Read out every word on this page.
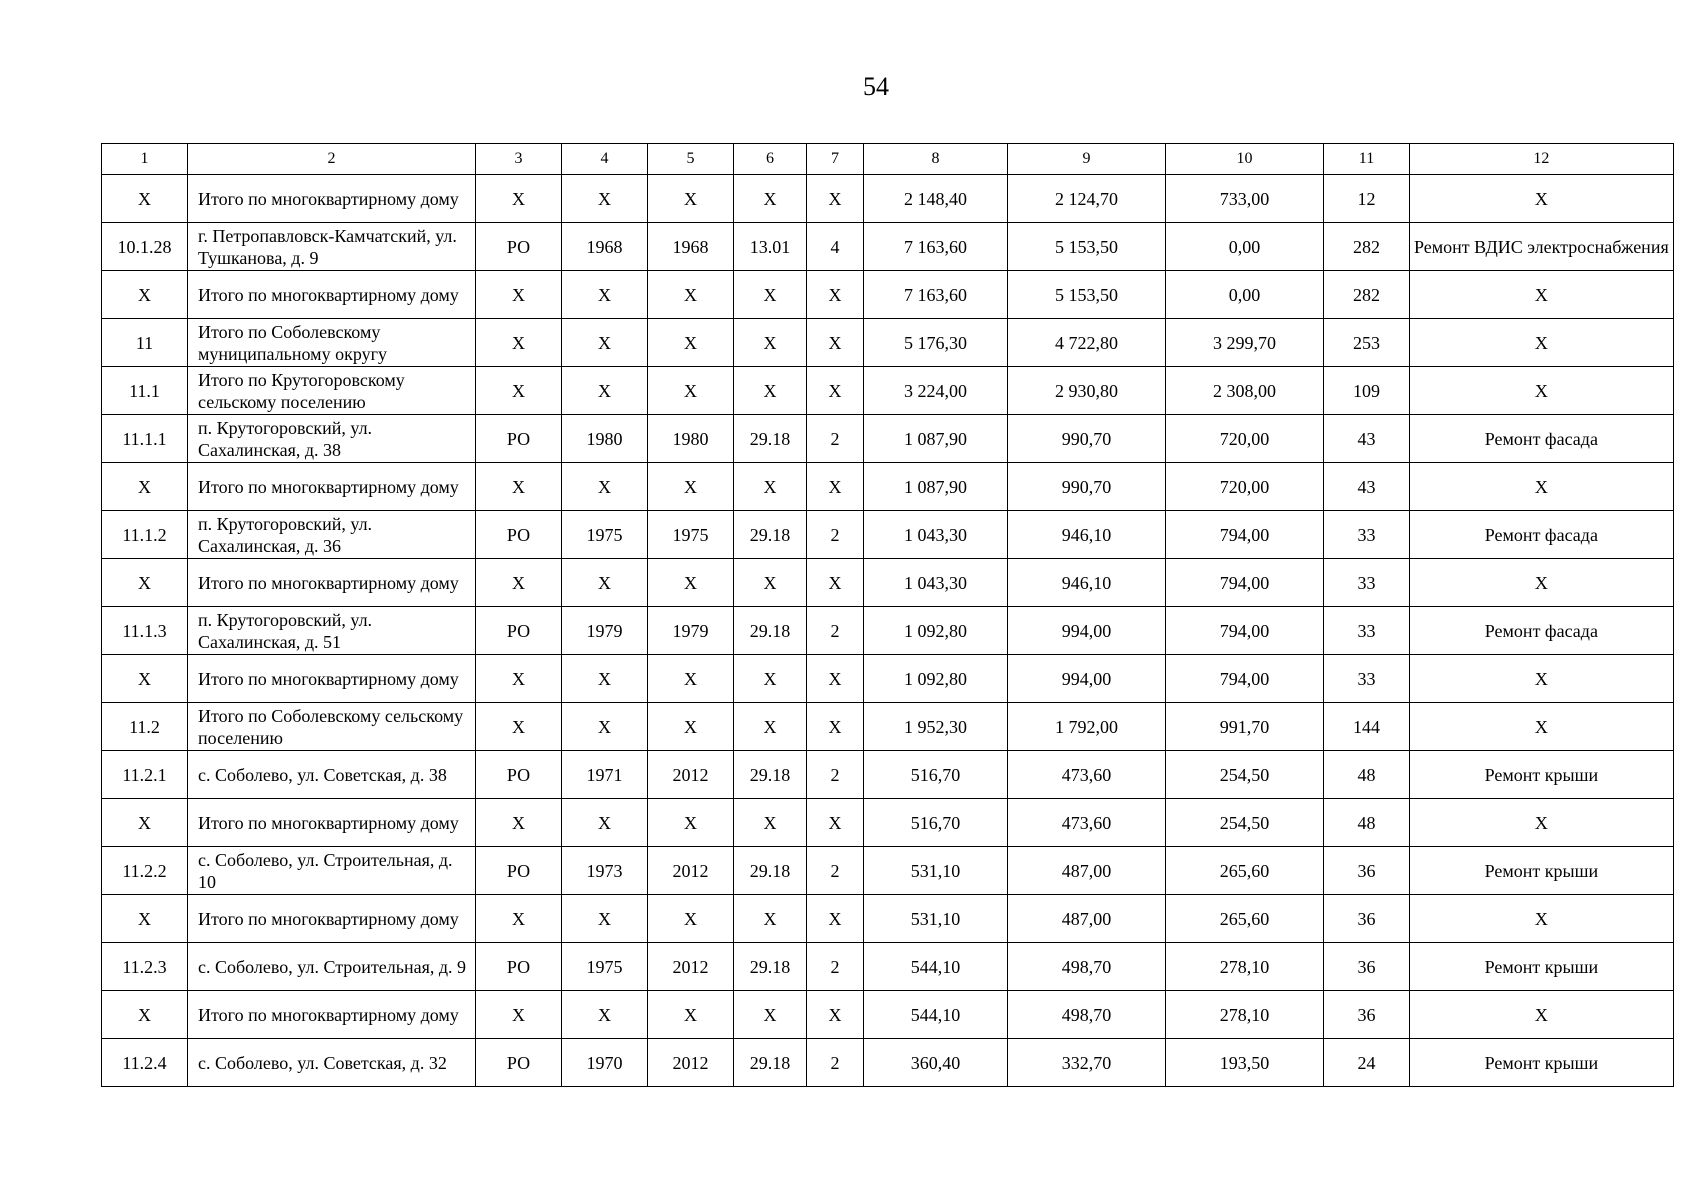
54
1	2	3	4	5	6	7	8	9	10	11	12
X	Итого по многоквартирному дому	X	X	X	X	X	2 148,40	2 124,70	733,00	12	X
10.1.28	г. Петропавловск-Камчатский, ул. Тушканова, д. 9	РО	1968	1968	13.01	4	7 163,60	5 153,50	0,00	282	Ремонт ВДИС электроснабжения
X	Итого по многоквартирному дому	X	X	X	X	X	7 163,60	5 153,50	0,00	282	X
11	Итого по Соболевскому муниципальному округу	X	X	X	X	X	5 176,30	4 722,80	3 299,70	253	X
11.1	Итого по Крутогоровскому сельскому поселению	X	X	X	X	X	3 224,00	2 930,80	2 308,00	109	X
11.1.1	п. Крутогоровский, ул. Сахалинская, д. 38	РО	1980	1980	29.18	2	1 087,90	990,70	720,00	43	Ремонт фасада
X	Итого по многоквартирному дому	X	X	X	X	X	1 087,90	990,70	720,00	43	X
11.1.2	п. Крутогоровский, ул. Сахалинская, д. 36	РО	1975	1975	29.18	2	1 043,30	946,10	794,00	33	Ремонт фасада
X	Итого по многоквартирному дому	X	X	X	X	X	1 043,30	946,10	794,00	33	X
11.1.3	п. Крутогоровский, ул. Сахалинская, д. 51	РО	1979	1979	29.18	2	1 092,80	994,00	794,00	33	Ремонт фасада
X	Итого по многоквартирному дому	X	X	X	X	X	1 092,80	994,00	794,00	33	X
11.2	Итого по Соболевскому сельскому поселению	X	X	X	X	X	1 952,30	1 792,00	991,70	144	X
11.2.1	с. Соболево, ул. Советская, д. 38	РО	1971	2012	29.18	2	516,70	473,60	254,50	48	Ремонт крыши
X	Итого по многоквартирному дому	X	X	X	X	X	516,70	473,60	254,50	48	X
11.2.2	с. Соболево, ул. Строительная, д. 10	РО	1973	2012	29.18	2	531,10	487,00	265,60	36	Ремонт крыши
X	Итого по многоквартирному дому	X	X	X	X	X	531,10	487,00	265,60	36	X
11.2.3	с. Соболево, ул. Строительная, д. 9	РО	1975	2012	29.18	2	544,10	498,70	278,10	36	Ремонт крыши
X	Итого по многоквартирному дому	X	X	X	X	X	544,10	498,70	278,10	36	X
11.2.4	с. Соболево, ул. Советская, д. 32	РО	1970	2012	29.18	2	360,40	332,70	193,50	24	Ремонт крыши
